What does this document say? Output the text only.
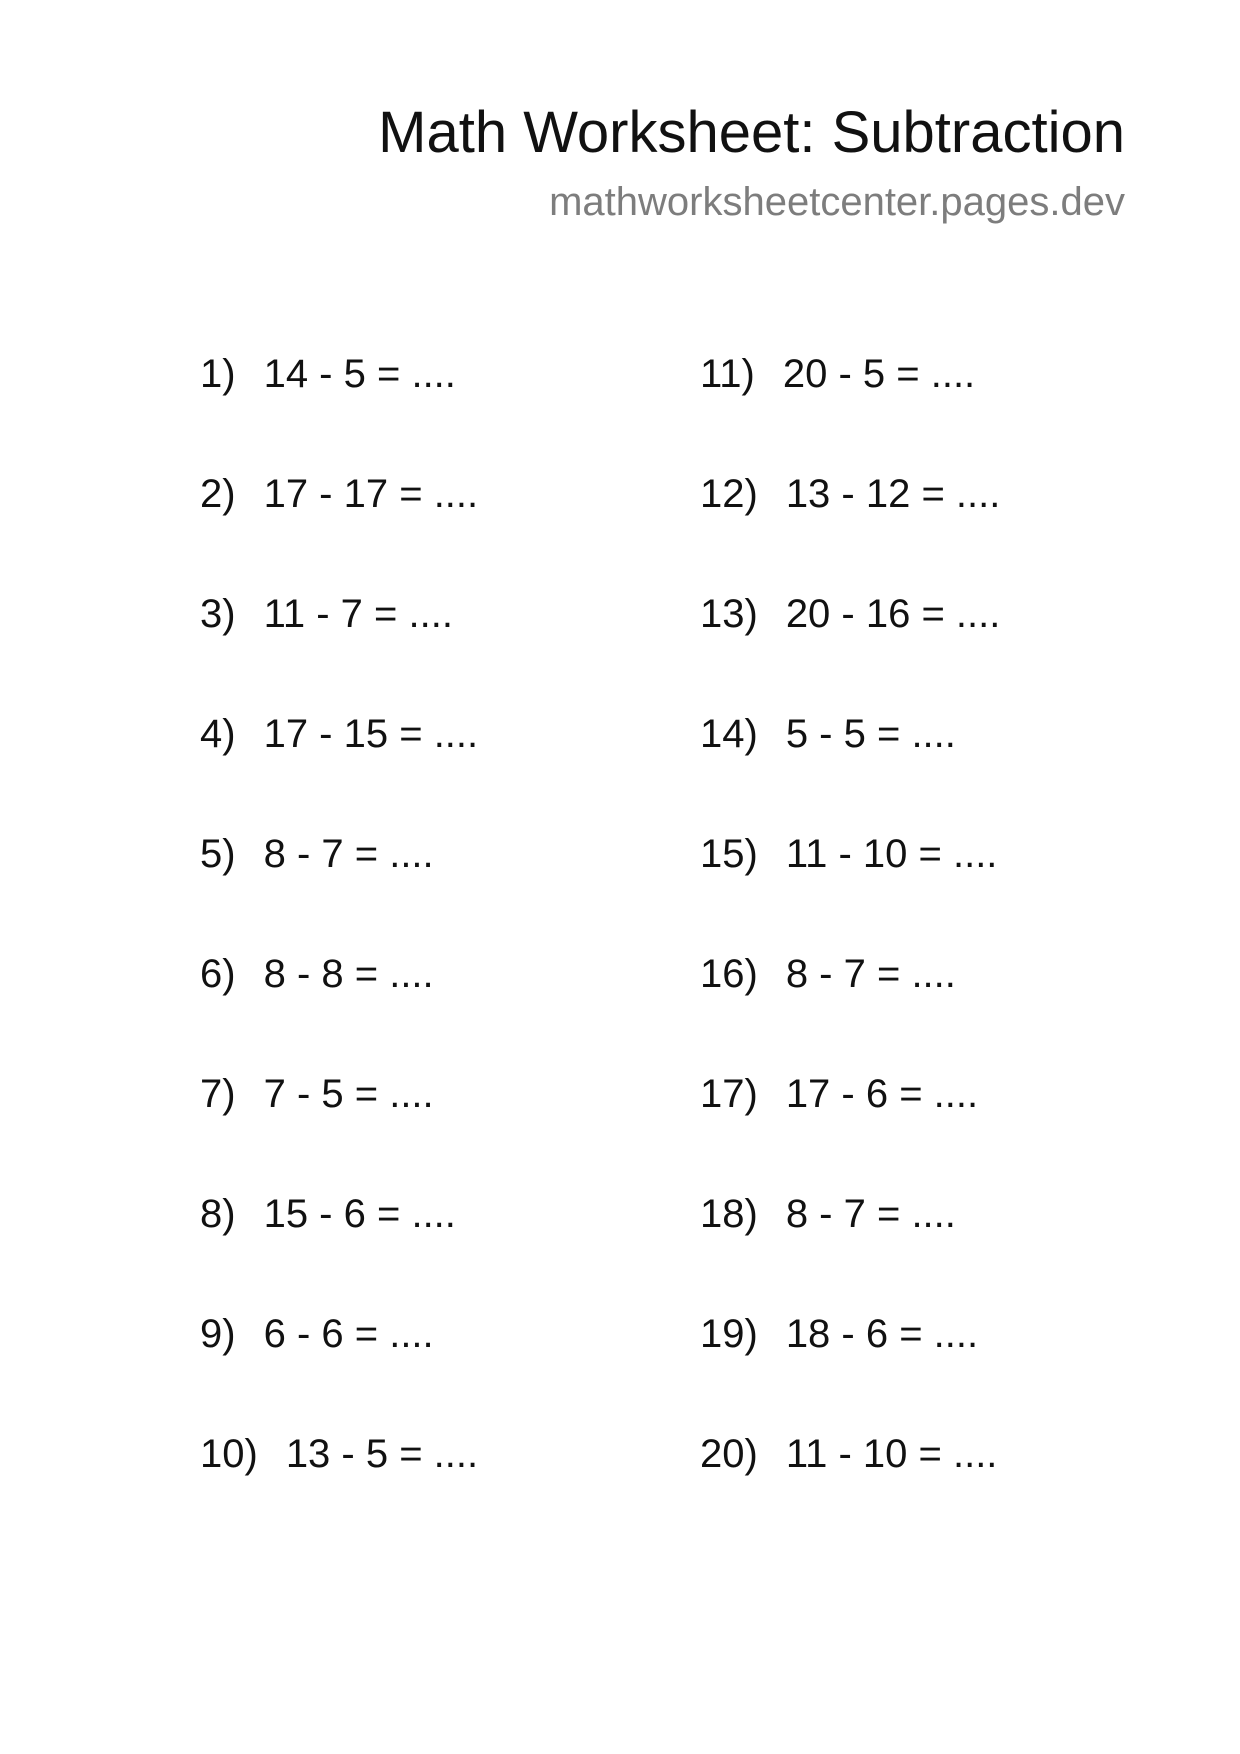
Math Worksheet: Subtraction
mathworksheetcenter.pages.dev
1) 14 - 5 = ....
2) 17 - 17 = ....
3) 11 - 7 = ....
4) 17 - 15 = ....
5) 8 - 7 = ....
6) 8 - 8 = ....
7) 7 - 5 = ....
8) 15 - 6 = ....
9) 6 - 6 = ....
10) 13 - 5 = ....
11) 20 - 5 = ....
12) 13 - 12 = ....
13) 20 - 16 = ....
14) 5 - 5 = ....
15) 11 - 10 = ....
16) 8 - 7 = ....
17) 17 - 6 = ....
18) 8 - 7 = ....
19) 18 - 6 = ....
20) 11 - 10 = ....
